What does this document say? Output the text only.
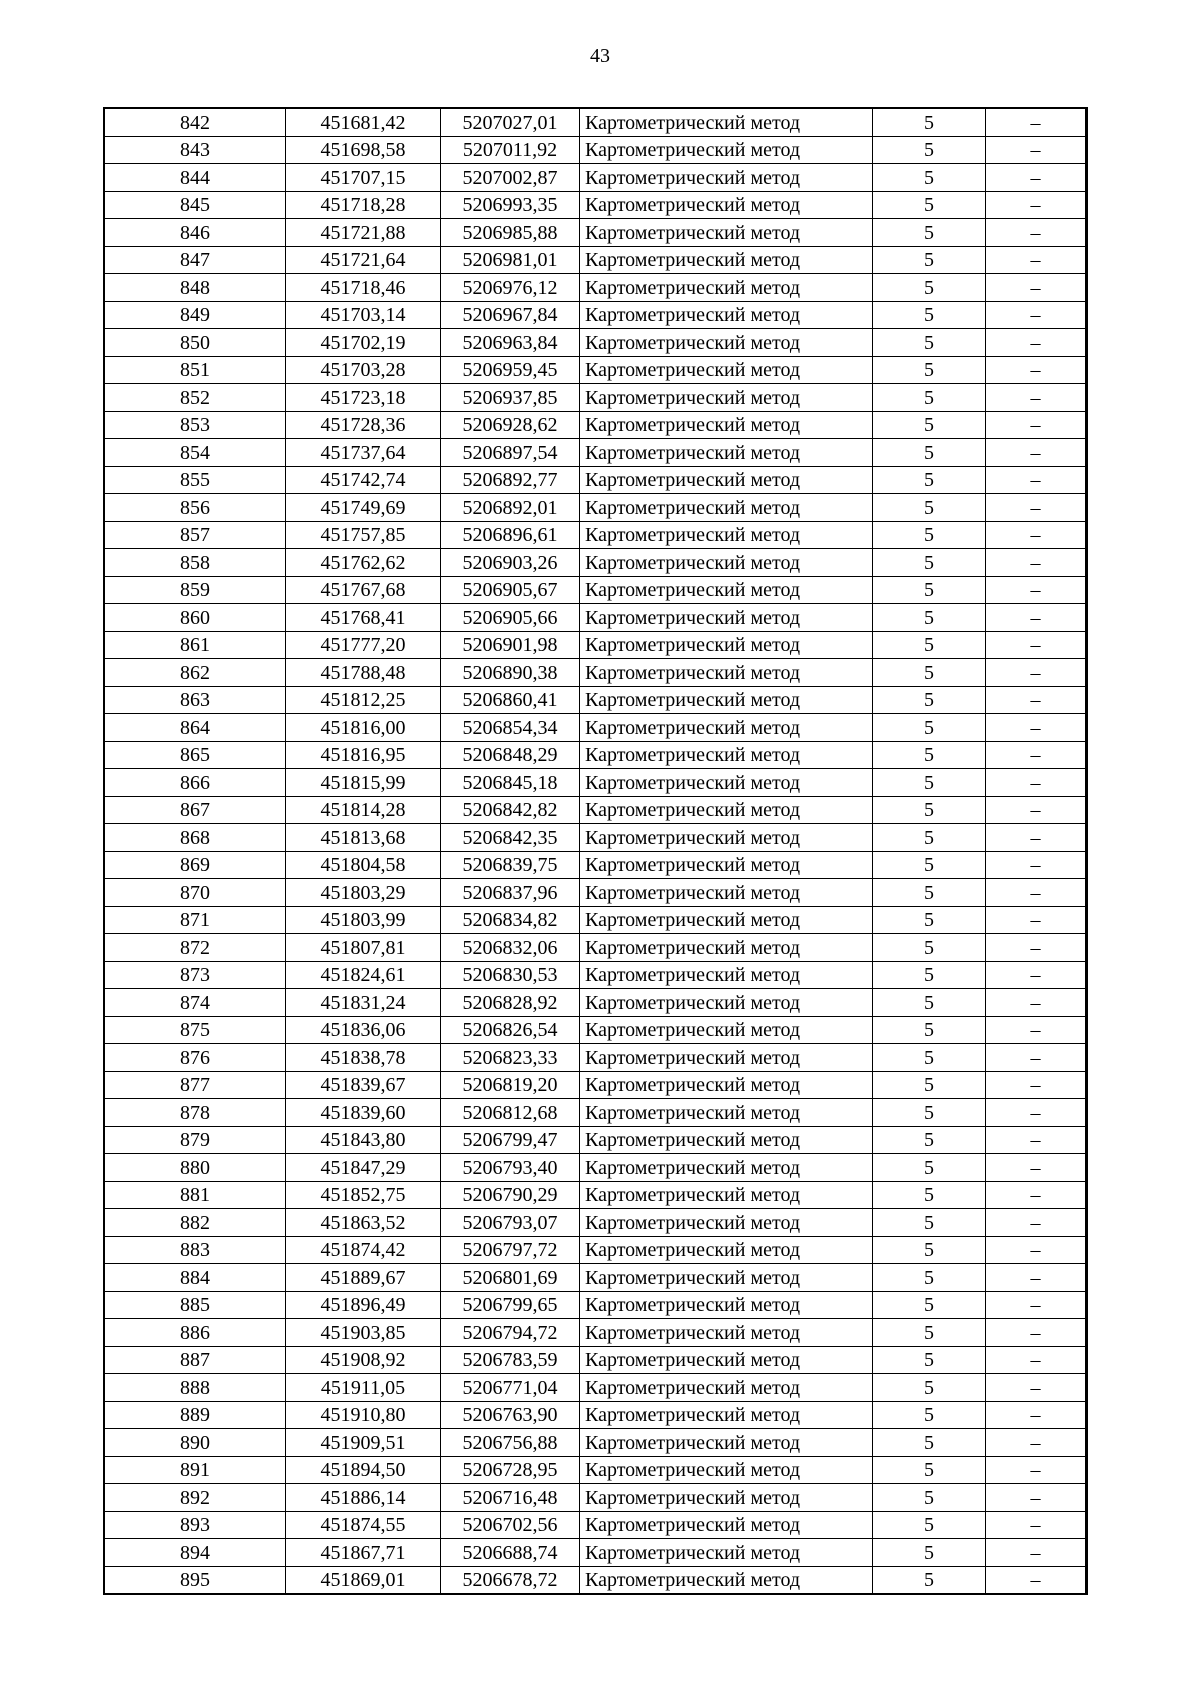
43
842	451681,42	5207027,01	Картометрический метод	5	–
843	451698,58	5207011,92	Картометрический метод	5	–
844	451707,15	5207002,87	Картометрический метод	5	–
845	451718,28	5206993,35	Картометрический метод	5	–
846	451721,88	5206985,88	Картометрический метод	5	–
847	451721,64	5206981,01	Картометрический метод	5	–
848	451718,46	5206976,12	Картометрический метод	5	–
849	451703,14	5206967,84	Картометрический метод	5	–
850	451702,19	5206963,84	Картометрический метод	5	–
851	451703,28	5206959,45	Картометрический метод	5	–
852	451723,18	5206937,85	Картометрический метод	5	–
853	451728,36	5206928,62	Картометрический метод	5	–
854	451737,64	5206897,54	Картометрический метод	5	–
855	451742,74	5206892,77	Картометрический метод	5	–
856	451749,69	5206892,01	Картометрический метод	5	–
857	451757,85	5206896,61	Картометрический метод	5	–
858	451762,62	5206903,26	Картометрический метод	5	–
859	451767,68	5206905,67	Картометрический метод	5	–
860	451768,41	5206905,66	Картометрический метод	5	–
861	451777,20	5206901,98	Картометрический метод	5	–
862	451788,48	5206890,38	Картометрический метод	5	–
863	451812,25	5206860,41	Картометрический метод	5	–
864	451816,00	5206854,34	Картометрический метод	5	–
865	451816,95	5206848,29	Картометрический метод	5	–
866	451815,99	5206845,18	Картометрический метод	5	–
867	451814,28	5206842,82	Картометрический метод	5	–
868	451813,68	5206842,35	Картометрический метод	5	–
869	451804,58	5206839,75	Картометрический метод	5	–
870	451803,29	5206837,96	Картометрический метод	5	–
871	451803,99	5206834,82	Картометрический метод	5	–
872	451807,81	5206832,06	Картометрический метод	5	–
873	451824,61	5206830,53	Картометрический метод	5	–
874	451831,24	5206828,92	Картометрический метод	5	–
875	451836,06	5206826,54	Картометрический метод	5	–
876	451838,78	5206823,33	Картометрический метод	5	–
877	451839,67	5206819,20	Картометрический метод	5	–
878	451839,60	5206812,68	Картометрический метод	5	–
879	451843,80	5206799,47	Картометрический метод	5	–
880	451847,29	5206793,40	Картометрический метод	5	–
881	451852,75	5206790,29	Картометрический метод	5	–
882	451863,52	5206793,07	Картометрический метод	5	–
883	451874,42	5206797,72	Картометрический метод	5	–
884	451889,67	5206801,69	Картометрический метод	5	–
885	451896,49	5206799,65	Картометрический метод	5	–
886	451903,85	5206794,72	Картометрический метод	5	–
887	451908,92	5206783,59	Картометрический метод	5	–
888	451911,05	5206771,04	Картометрический метод	5	–
889	451910,80	5206763,90	Картометрический метод	5	–
890	451909,51	5206756,88	Картометрический метод	5	–
891	451894,50	5206728,95	Картометрический метод	5	–
892	451886,14	5206716,48	Картометрический метод	5	–
893	451874,55	5206702,56	Картометрический метод	5	–
894	451867,71	5206688,74	Картометрический метод	5	–
895	451869,01	5206678,72	Картометрический метод	5	–
